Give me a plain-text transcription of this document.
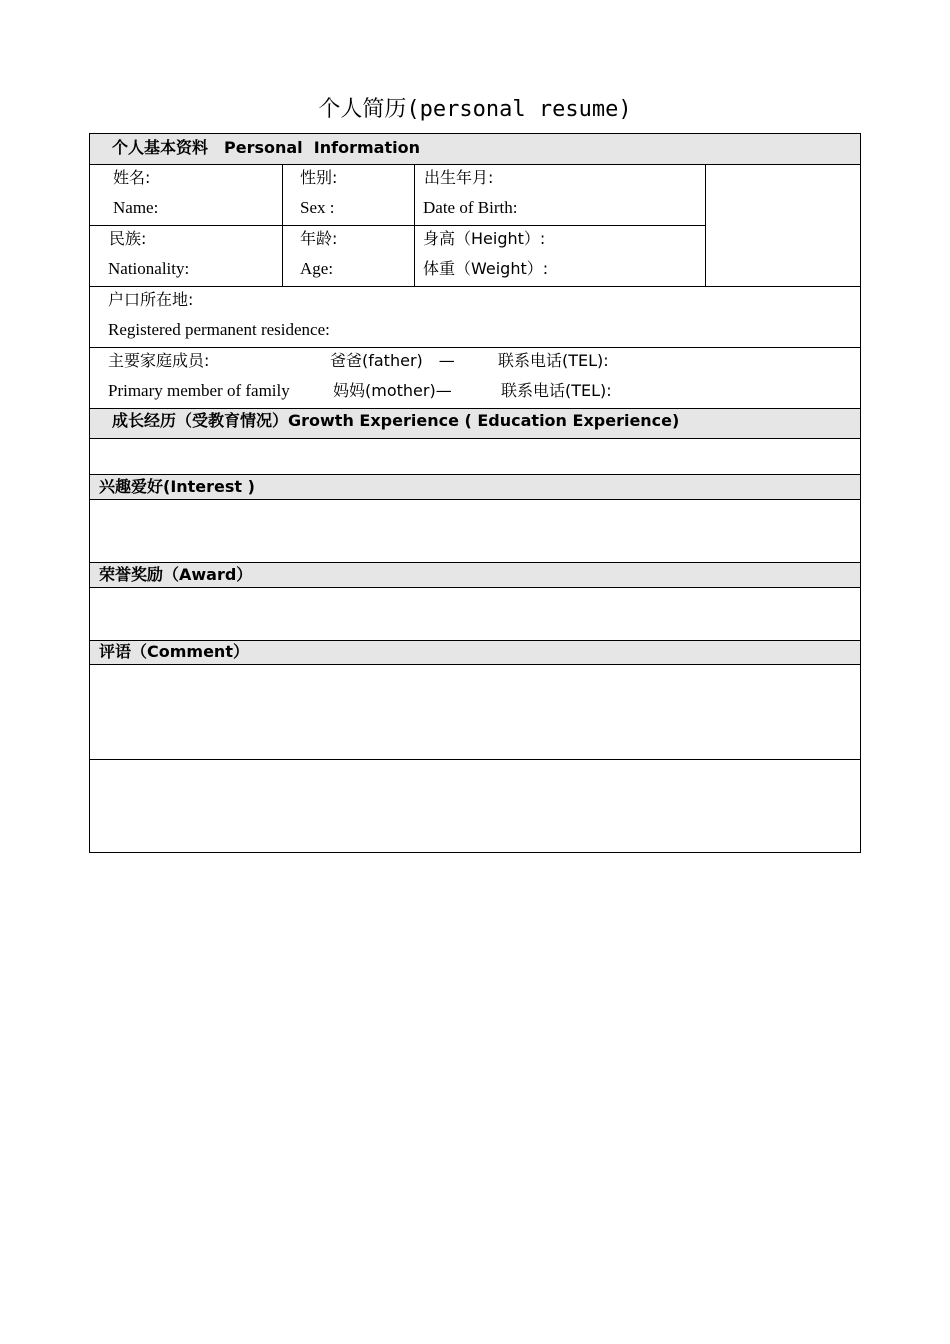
个人简历(personal resume)
个人基本资料　Personal  Information
成长经历（受教育情况）Growth Experience ( Education Experience)
兴趣爱好(Interest )
荣誉奖励（Award）
评语（Comment）
姓名:
Name:
性别:
Sex :
出生年月:
Date of Birth:
民族:
Nationality:
年龄:
Age:
身高（Height）:
体重（Weight）:
户口所在地:
Registered permanent residence:
主要家庭成员:
Primary member of family
爸爸(father)　—
妈妈(mother)—
联系电话(TEL):
联系电话(TEL):
